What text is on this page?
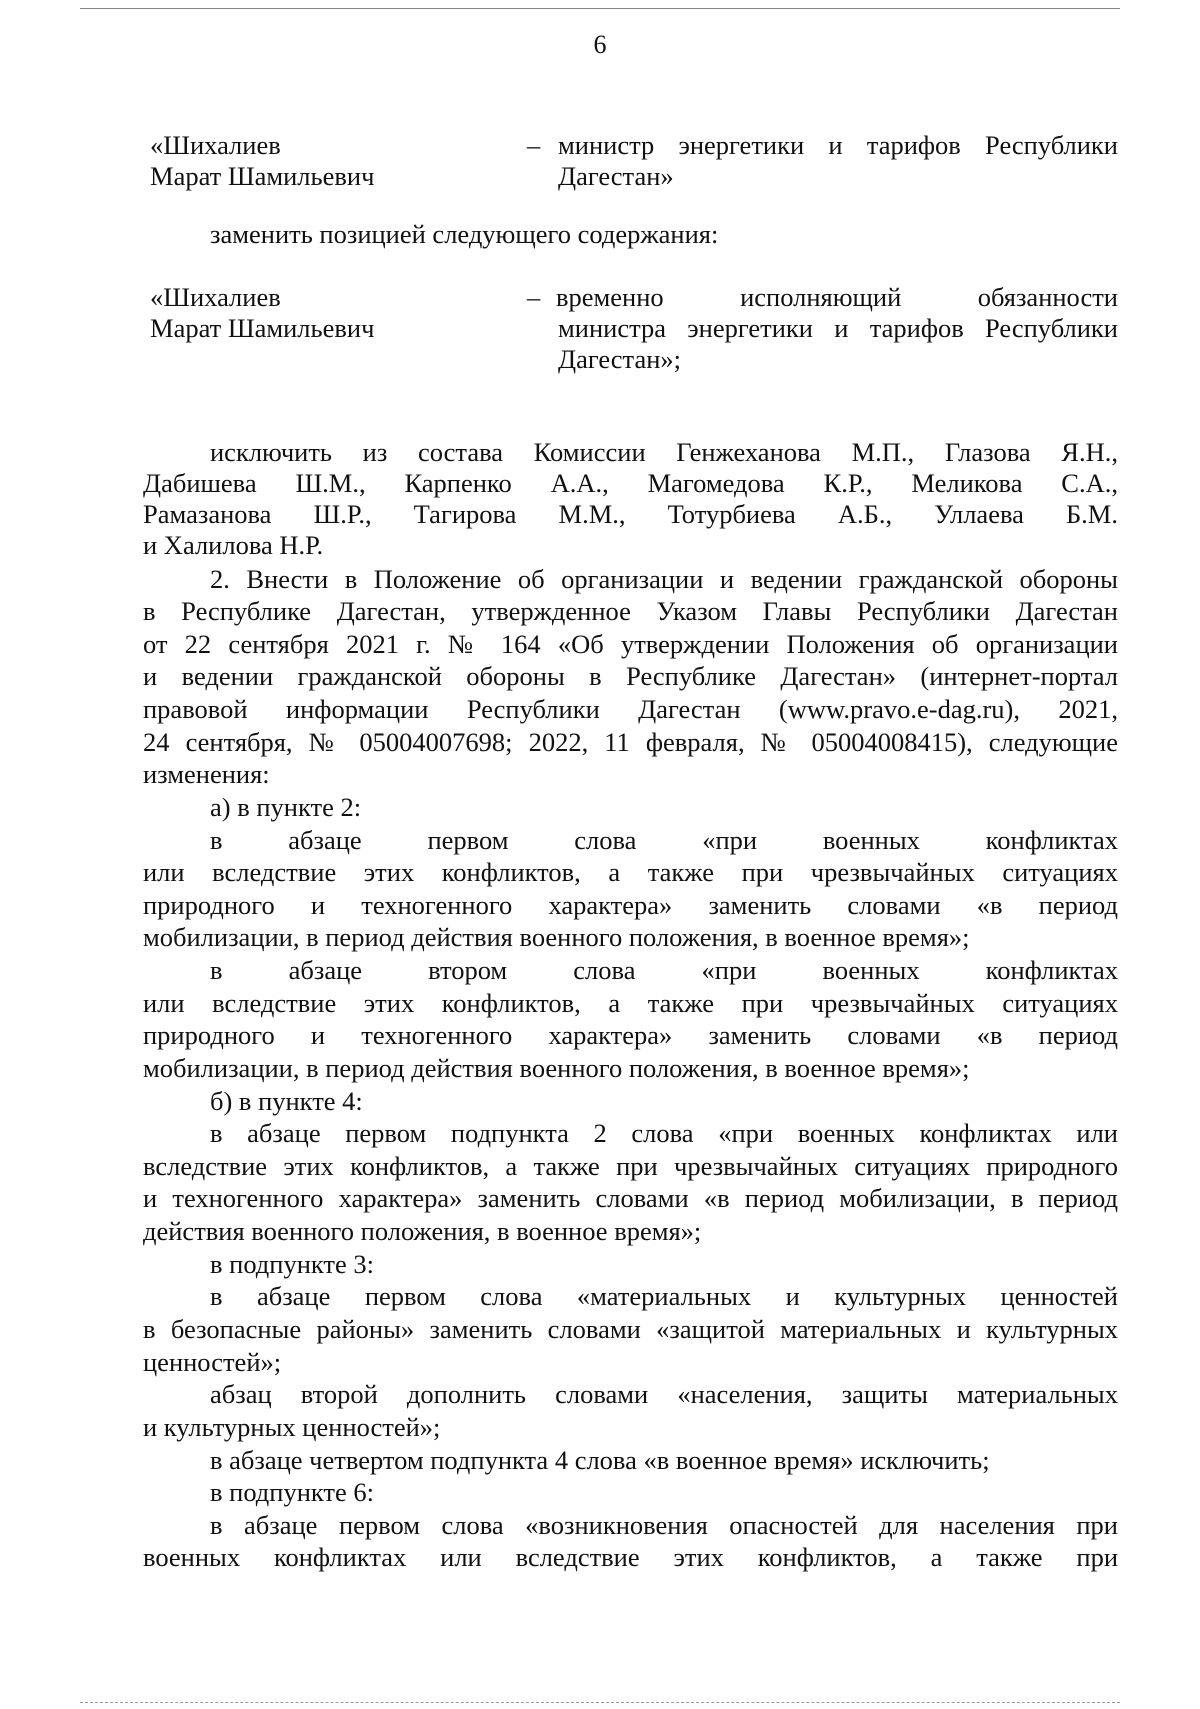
6
«Шихалиев
Марат Шамильевич
– министр энергетики и тарифов Республики
Дагестан»
заменить позицией следующего содержания:
«Шихалиев
Марат Шамильевич
– временно исполняющий обязанности
министра энергетики и тарифов Республики
Дагестан»;
исключить из состава Комиссии Генжеханова М.П., Глазова Я.Н.,
Дабишева Ш.М., Карпенко А.А., Магомедова К.Р., Меликова С.А.,
Рамазанова Ш.Р., Тагирова М.М., Тотурбиева А.Б., Уллаева Б.М.
и Халилова Н.Р.
2. Внести в Положение об организации и ведении гражданской обороны
в Республике Дагестан, утвержденное Указом Главы Республики Дагестан
от 22 сентября 2021 г. № 164 «Об утверждении Положения об организации
и ведении гражданской обороны в Республике Дагестан» (интернет-портал
правовой информации Республики Дагестан (www.pravo.e-dag.ru), 2021,
24 сентября, № 05004007698; 2022, 11 февраля, № 05004008415), следующие
изменения:
а) в пункте 2:
в абзаце первом слова «при военных конфликтах
или вследствие этих конфликтов, а также при чрезвычайных ситуациях
природного и техногенного характера» заменить словами «в период
мобилизации, в период действия военного положения, в военное время»;
в абзаце втором слова «при военных конфликтах
или вследствие этих конфликтов, а также при чрезвычайных ситуациях
природного и техногенного характера» заменить словами «в период
мобилизации, в период действия военного положения, в военное время»;
б) в пункте 4:
в абзаце первом подпункта 2 слова «при военных конфликтах или
вследствие этих конфликтов, а также при чрезвычайных ситуациях природного
и техногенного характера» заменить словами «в период мобилизации, в период
действия военного положения, в военное время»;
в подпункте 3:
в абзаце первом слова «материальных и культурных ценностей
в безопасные районы» заменить словами «защитой материальных и культурных
ценностей»;
абзац второй дополнить словами «населения, защиты материальных
и культурных ценностей»;
в абзаце четвертом подпункта 4 слова «в военное время» исключить;
в подпункте 6:
в абзаце первом слова «возникновения опасностей для населения при
военных конфликтах или вследствие этих конфликтов, а также при
